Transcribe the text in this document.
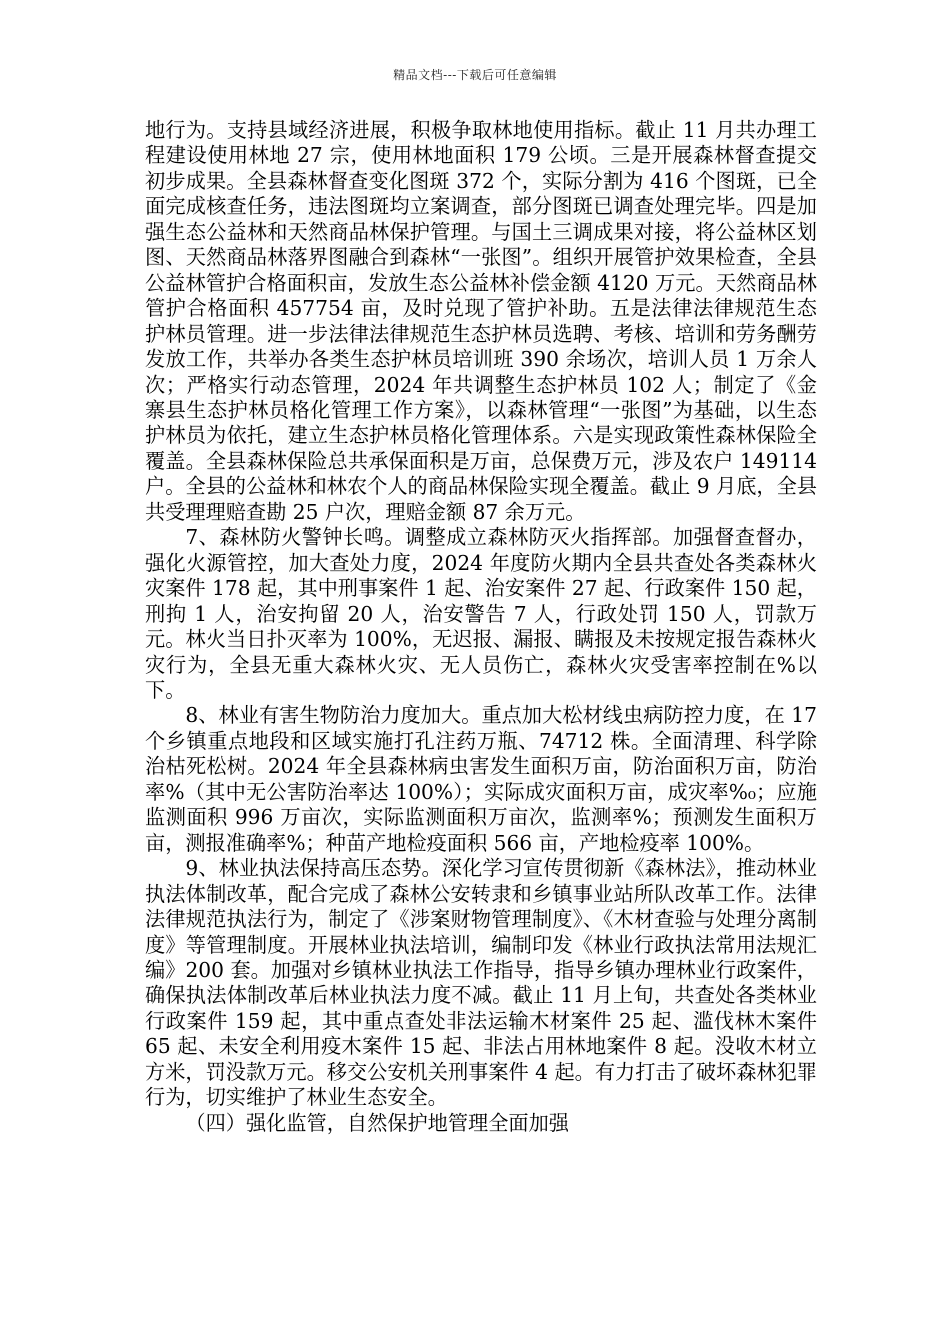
精品文档---下载后可任意编辑

地行为。支持县域经济进展，积极争取林地使用指标。截止 11 月共办理工程建设使用林地 27 宗，使用林地面积 179 公顷。三是开展森林督查提交初步成果。全县森林督查变化图斑 372 个，实际分割为 416 个图斑，已全面完成核查任务，违法图斑均立案调查，部分图斑已调查处理完毕。四是加强生态公益林和天然商品林保护管理。与国土三调成果对接，将公益林区划图、天然商品林落界图融合到森林“一张图”。组织开展管护效果检查，全县公益林管护合格面积亩，发放生态公益林补偿金额 4120 万元。天然商品林管护合格面积 457754 亩，及时兑现了管护补助。五是法律法律规范生态护林员管理。进一步法律法律规范生态护林员选聘、考核、培训和劳务酬劳发放工作，共举办各类生态护林员培训班 390 余场次，培训人员 1 万余人次；严格实行动态管理，2024 年共调整生态护林员 102 人；制定了《金寨县生态护林员格化管理工作方案》，以森林管理“一张图”为基础，以生态护林员为依托，建立生态护林员格化管理体系。六是实现政策性森林保险全覆盖。全县森林保险总共承保面积是万亩，总保费万元，涉及农户 149114 户。全县的公益林和林农个人的商品林保险实现全覆盖。截止 9 月底，全县共受理理赔查勘 25 户次，理赔金额 87 余万元。

7、森林防火警钟长鸣。调整成立森林防灭火指挥部。加强督查督办，强化火源管控，加大查处力度，2024 年度防火期内全县共查处各类森林火灾案件 178 起，其中刑事案件 1 起、治安案件 27 起、行政案件 150 起，刑拘 1 人，治安拘留 20 人，治安警告 7 人，行政处罚 150 人，罚款万元。林火当日扑灭率为 100%，无迟报、漏报、瞒报及未按规定报告森林火灾行为，全县无重大森林火灾、无人员伤亡，森林火灾受害率控制在%以下。

8、林业有害生物防治力度加大。重点加大松材线虫病防控力度，在 17 个乡镇重点地段和区域实施打孔注药万瓶、74712 株。全面清理、科学除治枯死松树。2024 年全县森林病虫害发生面积万亩，防治面积万亩，防治率%（其中无公害防治率达 100%）；实际成灾面积万亩，成灾率%₀；应施监测面积 996 万亩次，实际监测面积万亩次，监测率%；预测发生面积万亩，测报准确率%；种苗产地检疫面积 566 亩，产地检疫率 100%。

9、林业执法保持高压态势。深化学习宣传贯彻新《森林法》，推动林业执法体制改革，配合完成了森林公安转隶和乡镇事业站所队改革工作。法律法律规范执法行为，制定了《涉案财物管理制度》、《木材查验与处理分离制度》等管理制度。开展林业执法培训，编制印发《林业行政执法常用法规汇编》200 套。加强对乡镇林业执法工作指导，指导乡镇办理林业行政案件，确保执法体制改革后林业执法力度不减。截止 11 月上旬，共查处各类林业行政案件 159 起，其中重点查处非法运输木材案件 25 起、滥伐林木案件 65 起、未安全利用疫木案件 15 起、非法占用林地案件 8 起。没收木材立方米，罚没款万元。移交公安机关刑事案件 4 起。有力打击了破坏森林犯罪行为，切实维护了林业生态安全。

（四）强化监管，自然保护地管理全面加强
